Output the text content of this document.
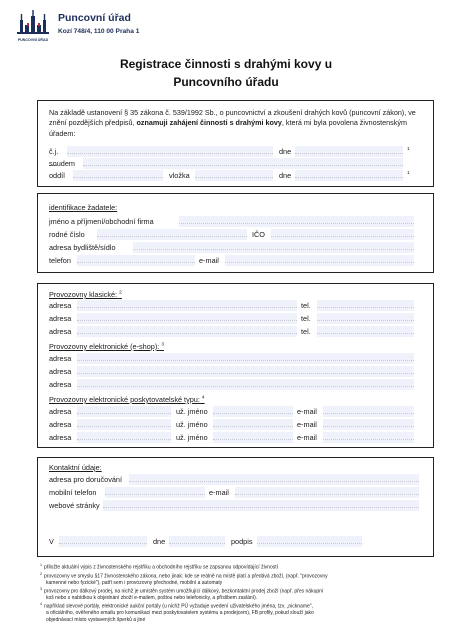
PUNCOVNÍ ÚŘAD
Puncovní úřad
Kozí 748/4, 110 00 Praha 1
Registrace činnosti s drahými kovy u
Puncovního úřadu
Na základě ustanovení § 35 zákona č. 539/1992 Sb., o puncovnictví a zkoušení drahých kovů (puncovní zákon), ve znění pozdějších předpisů, oznamuji zahájení činnosti s drahými kovy, která mi byla povolena živnostenským úřadem:
č.j.	dne	1
soudem
oddíl	vložka	dne	1
identifikace žadatele:
jméno a příjmení/obchodní firma
rodné číslo	IČO
adresa bydliště/sídlo
telefon	e-mail
Provozovny klasické: $^2$
adresa	tel.
adresa	tel.
adresa	tel.
Provozovny elektronické (e-shop): $^3$
adresa
adresa
adresa
Provozovny elektronické poskytovatelské typu: $^4$
adresa	už. jméno	e-mail
adresa	už. jméno	e-mail
adresa	už. jméno	e-mail
Kontaktní údaje:
adresa pro doručování
mobilní telefon	e-mail
webové stránky
V	dne	podpis
$^1$ přiložte aktuální výpis z živnostenského rejstříku a obchodního rejstříku se zapsanou odpovídající živností
$^2$ provozovny ve smyslu §17 živnostenského zákona, nebo jinak: kde se reálně na místě platí a předává zboží, (např. "provozovny
kamenné nebo fyzické"), patří sem i provozovny přechodné, mobilní a automaty
$^3$ provozovny pro dálkový prodej, na nichž je umístěn systém umožňující dálkový, bezkontaktní prodej zboží (např. přes nákupní
koš nebo s nabídkou k objednání zboží e-mailem, poštou nebo telefonicky, a příslibem zaslání).
$^4$ například slevové portály, elektronické aukční portály (u nichž PÚ vyžaduje uvedení uživatelského jména, tzv. „nickname",
a oficiálního, ověřeného emailu pro komunikaci mezi poskytovatelem systému a prodejcem), FB profily, pokud slouží jako
objednávací místo vystavených šperků a jiné
